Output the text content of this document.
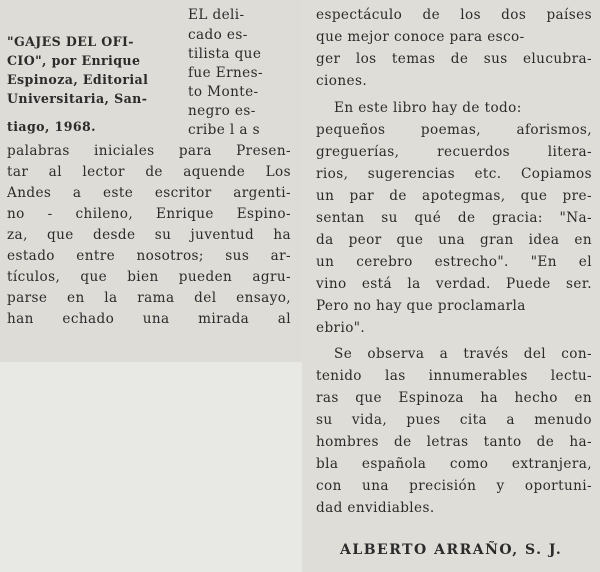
"GAJES DEL OFI-
CIO", por Enrique
Espinoza, Editorial
Universitaria, San-
tiago, 1968.
EL deli-
cado es-
tilista que
fue Ernes-
to Monte-
negro es-
cribe l a s
palabras iniciales para Presen-
tar al lector de aquende Los
Andes a este escritor argenti-
no - chileno, Enrique Espino-
za, que desde su juventud ha
estado entre nosotros; sus ar-
tículos, que bien pueden agru-
parse en la rama del ensayo,
han echado una mirada al
espectáculo de los dos países
que mejor conoce para esco-
ger los temas de sus elucubra-
ciones.
En este libro hay de todo:
pequeños poemas, aforismos,
greguerías, recuerdos litera-
rios, sugerencias etc. Copiamos
un par de apotegmas, que pre-
sentan su qué de gracia: "Na-
da peor que una gran idea en
un cerebro estrecho". "En el
vino está la verdad. Puede ser.
Pero no hay que proclamarla
ebrio".
Se observa a través del con-
tenido las innumerables lectu-
ras que Espinoza ha hecho en
su vida, pues cita a menudo
hombres de letras tanto de ha-
bla española como extranjera,
con una precisión y oportuni-
dad envidiables.
ALBERTO ARRAÑO, S. J.
